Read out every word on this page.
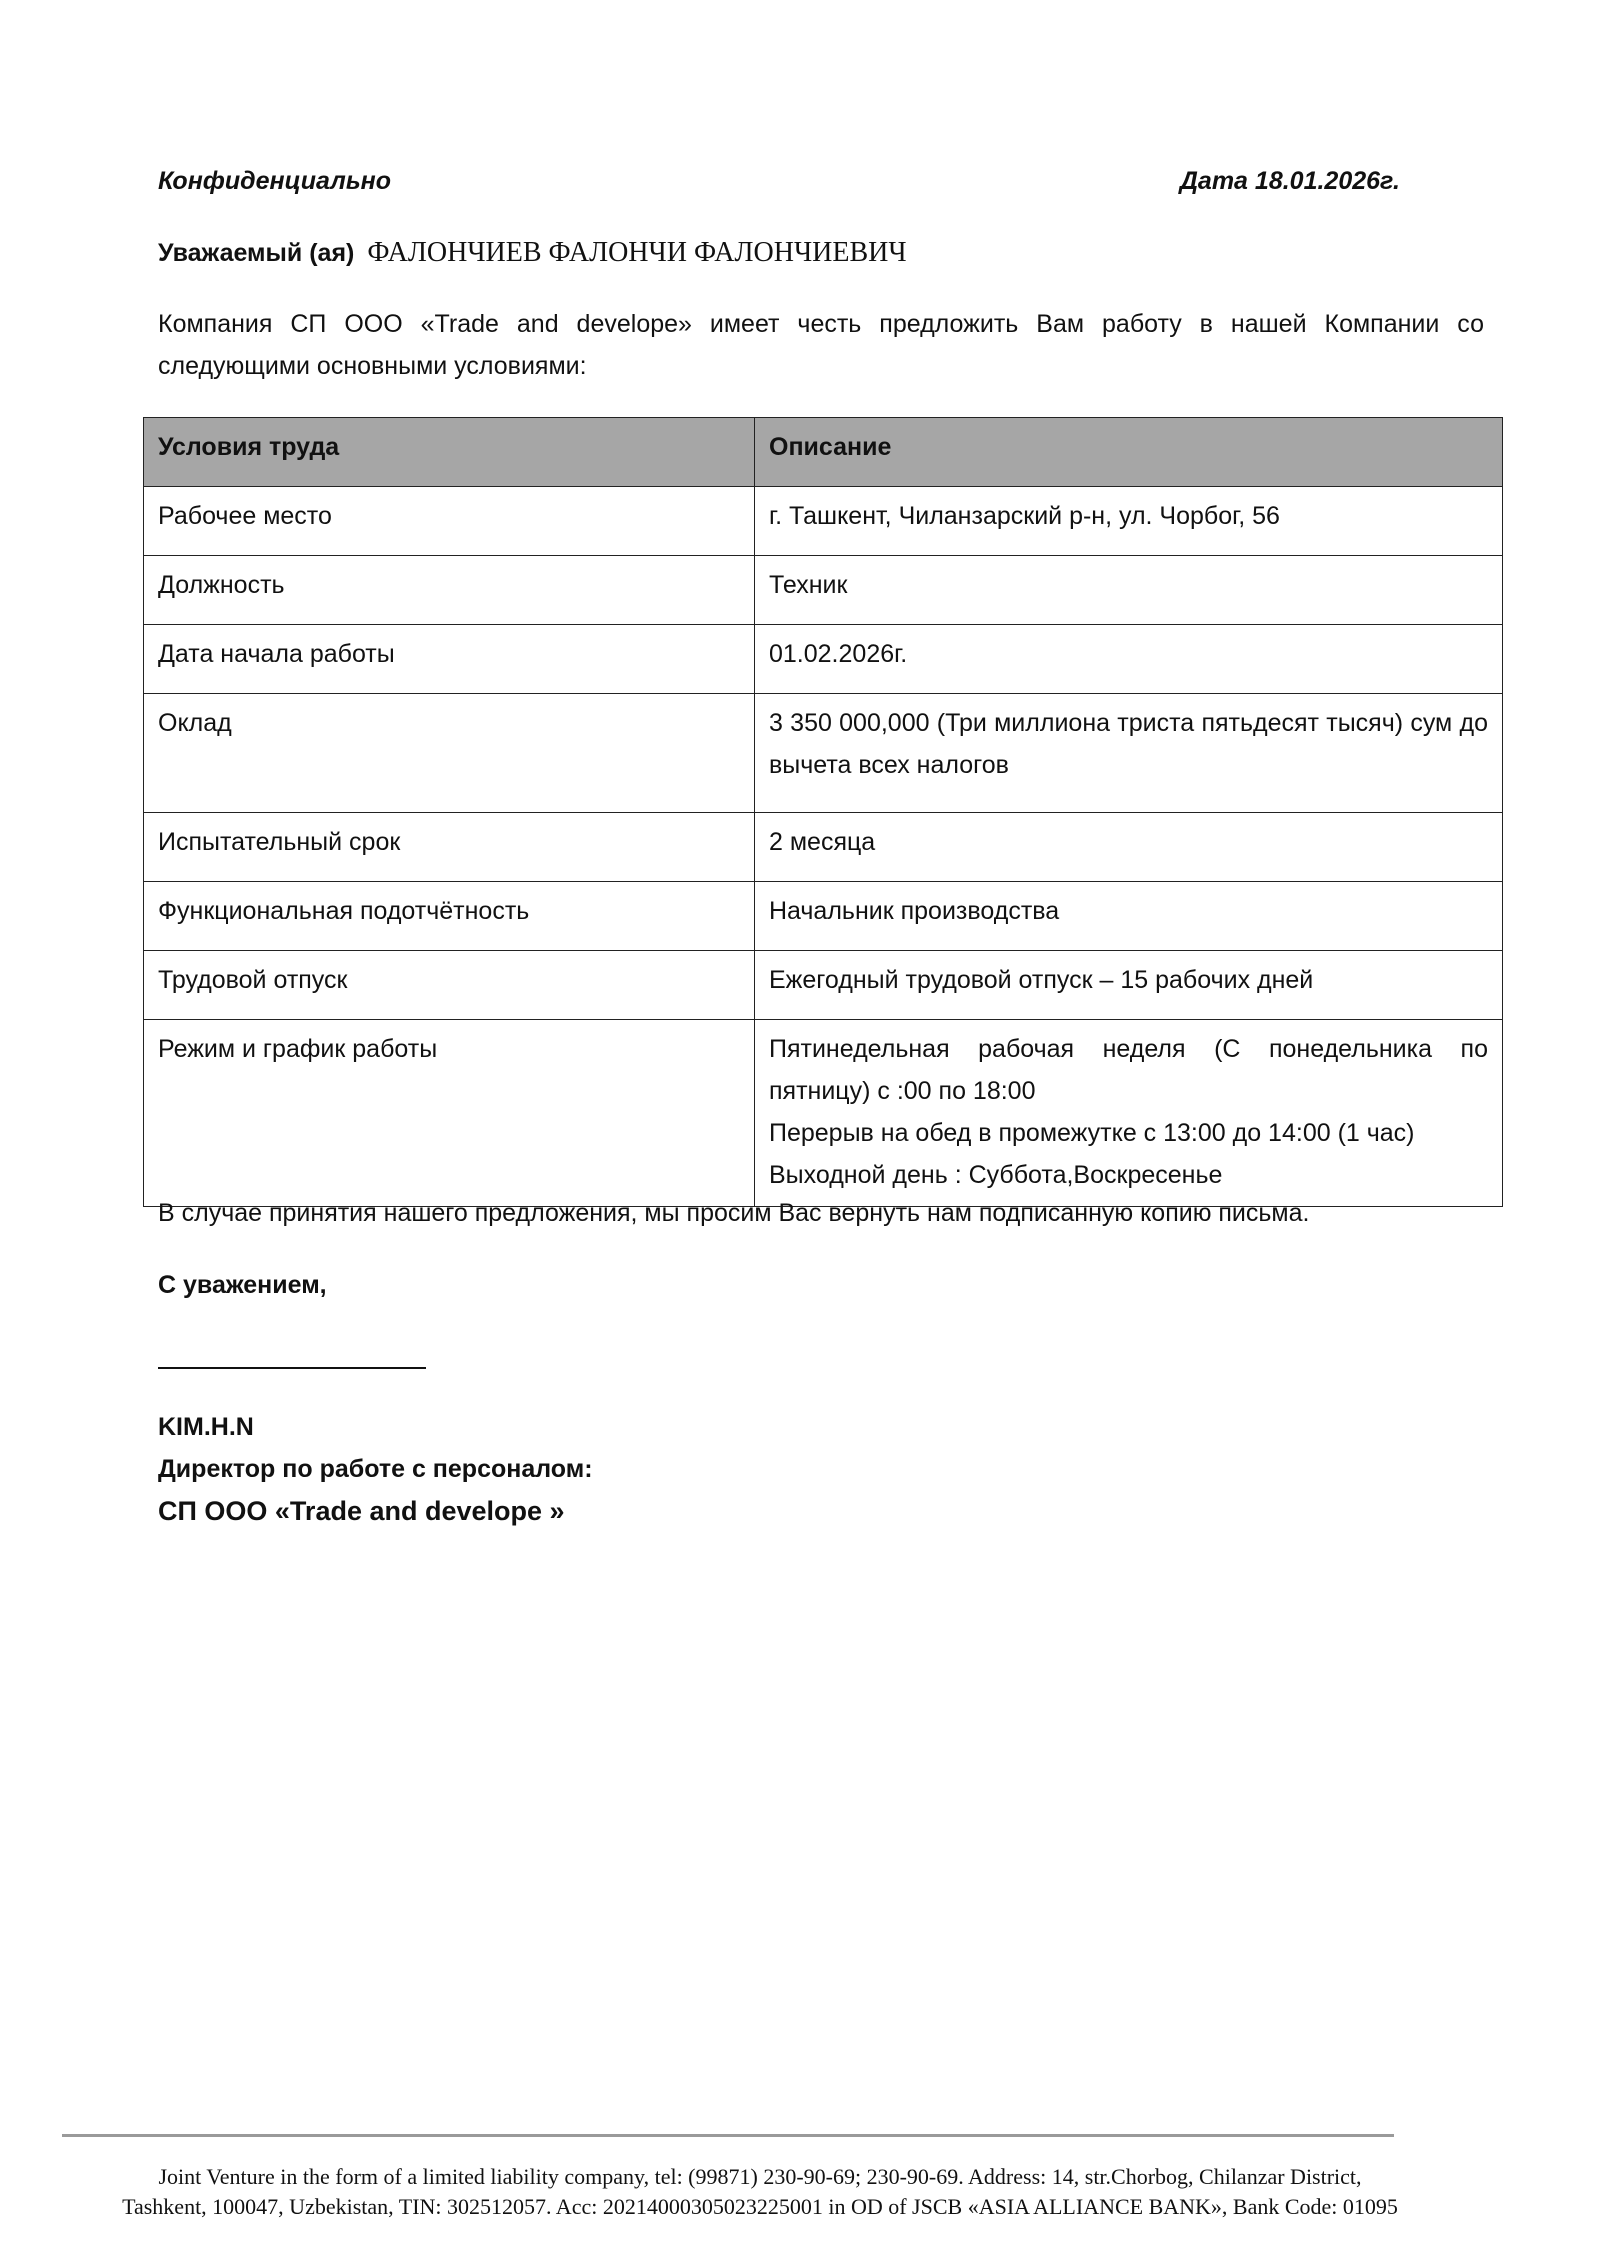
Конфиденциально	Дата 18.01.2026г.
Уважаемый (ая) ФАЛОНЧИЕВ ФАЛОНЧИ ФАЛОНЧИЕВИЧ

Компания СП ООО «Trade and develope» имеет честь предложить Вам работу в нашей Компании со следующими основными условиями:

Условия труда	Описание
Рабочее место	г. Ташкент, Чиланзарский р-н, ул. Чорбог, 56
Должность	Техник
Дата начала работы	01.02.2026г.
Оклад	3 350 000,000 (Три миллиона триста пятьдесят тысяч) сум до вычета всех налогов
Испытательный срок	2 месяца
Функциональная подотчётность	Начальник производства
Трудовой отпуск	Ежегодный трудовой отпуск – 15 рабочих дней
Режим и график работы	Пятинедельная рабочая неделя (С понедельника по пятницу) с :00 по 18:00
Перерыв на обед в промежутке с 13:00 до 14:00 (1 час)
Выходной день : Суббота,Воскресенье
В случае принятия нашего предложения, мы просим Вас вернуть нам подписанную копию письма.
С уважением,
KIM.H.N
Директор по работе с персоналом:
СП ООО «Trade and develope »
Joint Venture in the form of a limited liability company, tel: (99871) 230-90-69; 230-90-69. Address: 14, str.Chorbog, Chilanzar District,
Tashkent, 100047, Uzbekistan, TIN: 302512057. Acc: 20214000305023225001 in OD of JSCB «ASIA ALLIANCE BANK», Bank Code: 01095
